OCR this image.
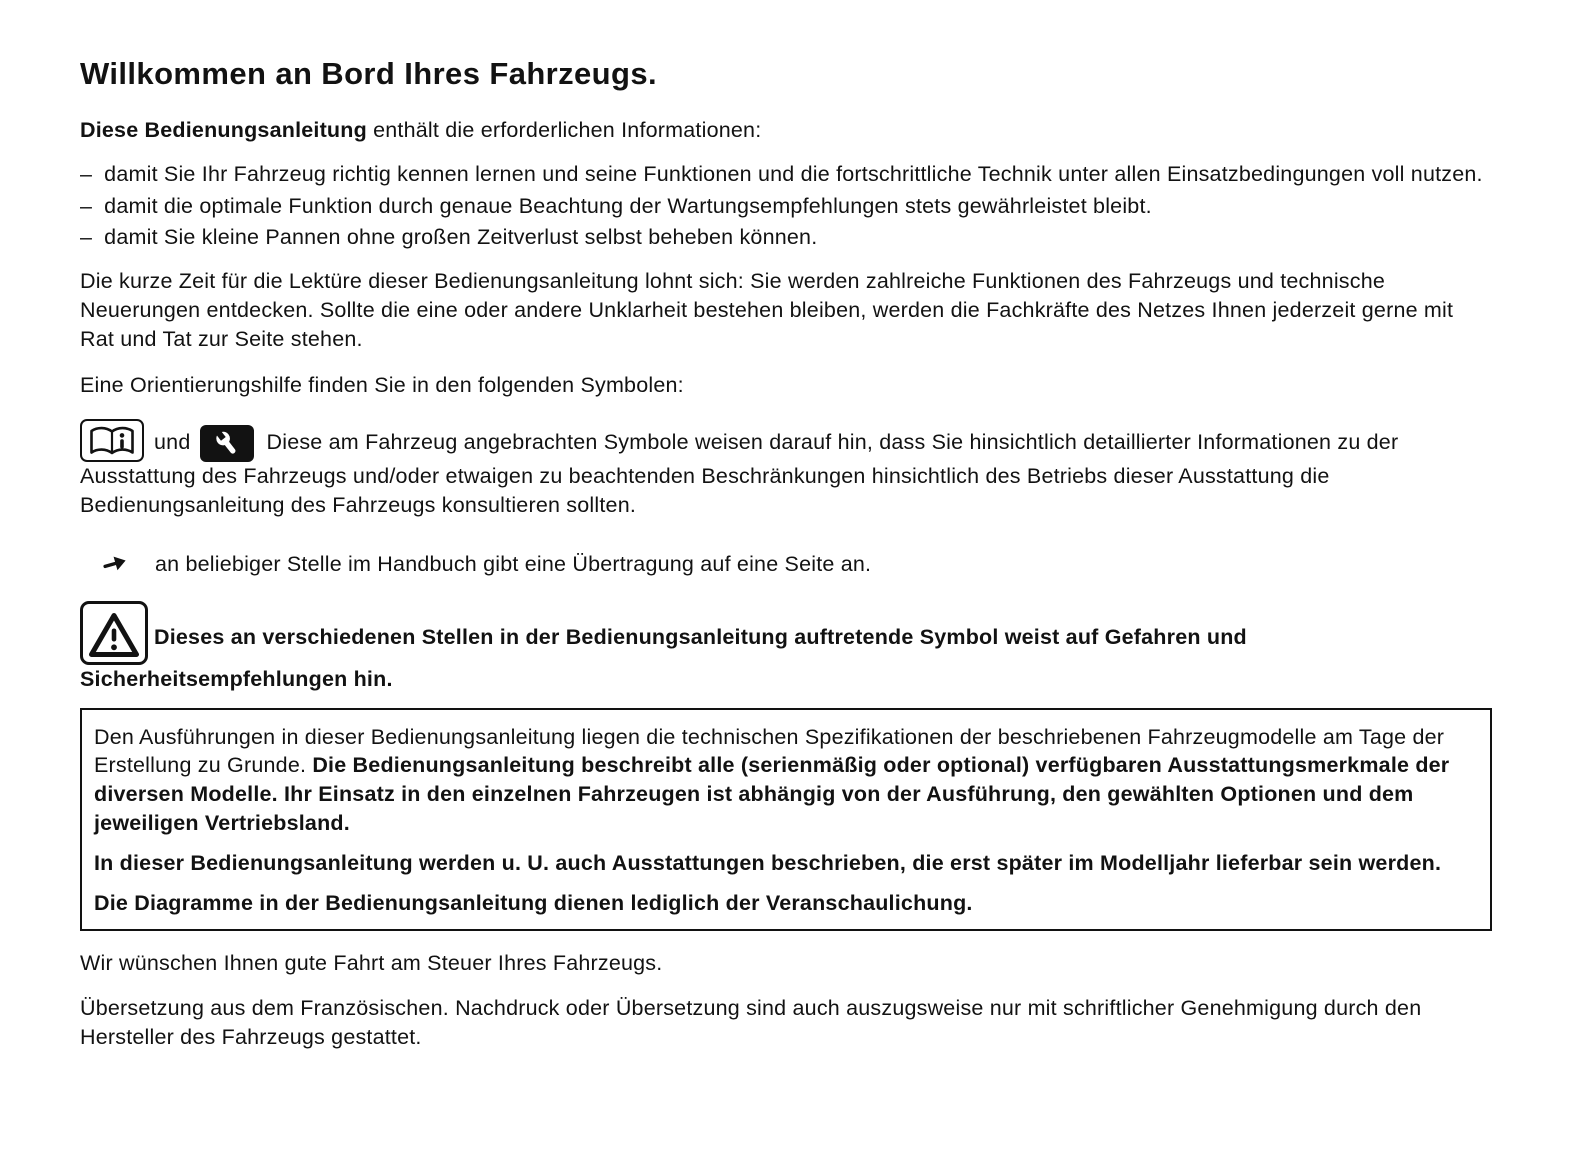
Willkommen an Bord Ihres Fahrzeugs.

Diese Bedienungsanleitung enthält die erforderlichen Informationen:

– damit Sie Ihr Fahrzeug richtig kennen lernen und seine Funktionen und die fortschrittliche Technik unter allen Einsatzbedingungen voll nutzen.

– damit die optimale Funktion durch genaue Beachtung der Wartungsempfehlungen stets gewährleistet bleibt.

– damit Sie kleine Pannen ohne großen Zeitverlust selbst beheben können.

Die kurze Zeit für die Lektüre dieser Bedienungsanleitung lohnt sich: Sie werden zahlreiche Funktionen des Fahrzeugs und technische Neuerungen entdecken. Sollte die eine oder andere Unklarheit bestehen bleiben, werden die Fachkräfte des Netzes Ihnen jederzeit gerne mit Rat und Tat zur Seite stehen.

Eine Orientierungshilfe finden Sie in den folgenden Symbolen:

und	Diese am Fahrzeug angebrachten Symbole weisen darauf hin, dass Sie hinsichtlich detaillierter Informationen zu der Ausstattung des Fahrzeugs und/oder etwaigen zu beachtenden Beschränkungen hinsichtlich des Betriebs dieser Ausstattung die Bedienungsanleitung des Fahrzeugs konsultieren sollten.

an beliebiger Stelle im Handbuch gibt eine Übertragung auf eine Seite an.

Dieses an verschiedenen Stellen in der Bedienungsanleitung auftretende Symbol weist auf Gefahren und Sicherheitsempfehlungen hin.

Den Ausführungen in dieser Bedienungsanleitung liegen die technischen Spezifikationen der beschriebenen Fahrzeugmodelle am Tage der Erstellung zu Grunde. Die Bedienungsanleitung beschreibt alle (serienmäßig oder optional) verfügbaren Ausstattungsmerkmale der diversen Modelle. Ihr Einsatz in den einzelnen Fahrzeugen ist abhängig von der Ausführung, den gewählten Optionen und dem jeweiligen Vertriebsland.

In dieser Bedienungsanleitung werden u. U. auch Ausstattungen beschrieben, die erst später im Modelljahr lieferbar sein werden.

Die Diagramme in der Bedienungsanleitung dienen lediglich der Veranschaulichung.

Wir wünschen Ihnen gute Fahrt am Steuer Ihres Fahrzeugs.

Übersetzung aus dem Französischen. Nachdruck oder Übersetzung sind auch auszugsweise nur mit schriftlicher Genehmigung durch den Hersteller des Fahrzeugs gestattet.
